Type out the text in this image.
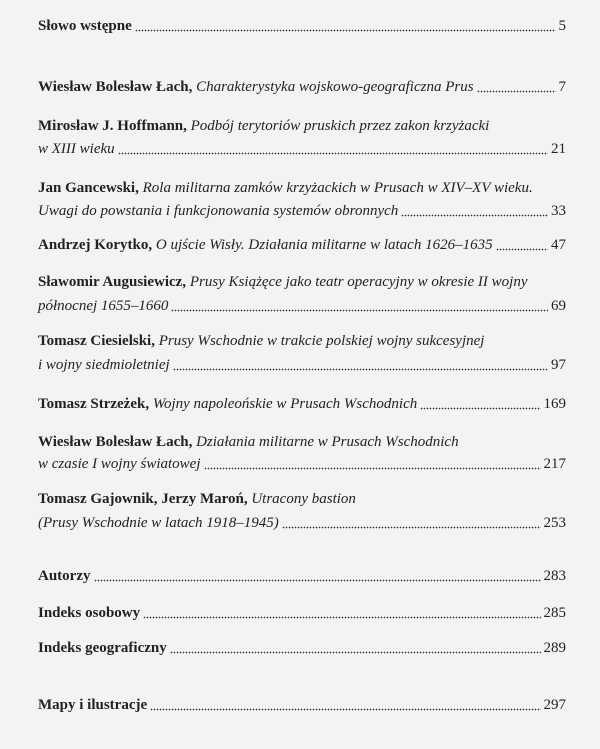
Słowo wstępne	5
Wiesław Bolesław Łach,
Charakterystyka wojskowo-geograficzna Prus	7
Mirosław J. Hoffmann,
Podbój terytoriów pruskich przez zakon krzyżacki
w XIII wieku	21
Jan Gancewski,
Rola militarna zamków krzyżackich w Prusach w XIV–XV wieku.
Uwagi do powstania i funkcjonowania systemów obronnych	33
Andrzej Korytko,
O ujście Wisły. Działania militarne w latach 1626–1635	47
Sławomir Augusiewicz,
Prusy Książęce jako teatr operacyjny w okresie II wojny
północnej 1655–1660	69
Tomasz Ciesielski,
Prusy Wschodnie w trakcie polskiej wojny sukcesyjnej
i wojny siedmioletniej	97
Tomasz Strzeżek,
Wojny napoleońskie w Prusach Wschodnich	169
Wiesław Bolesław Łach,
Działania militarne w Prusach Wschodnich
w czasie I wojny światowej	217
Tomasz Gajownik, Jerzy Maroń,
Utracony bastion
(Prusy Wschodnie w latach 1918–1945)	253
Autorzy	283
Indeks osobowy	285
Indeks geograficzny	289
Mapy i ilustracje	297
